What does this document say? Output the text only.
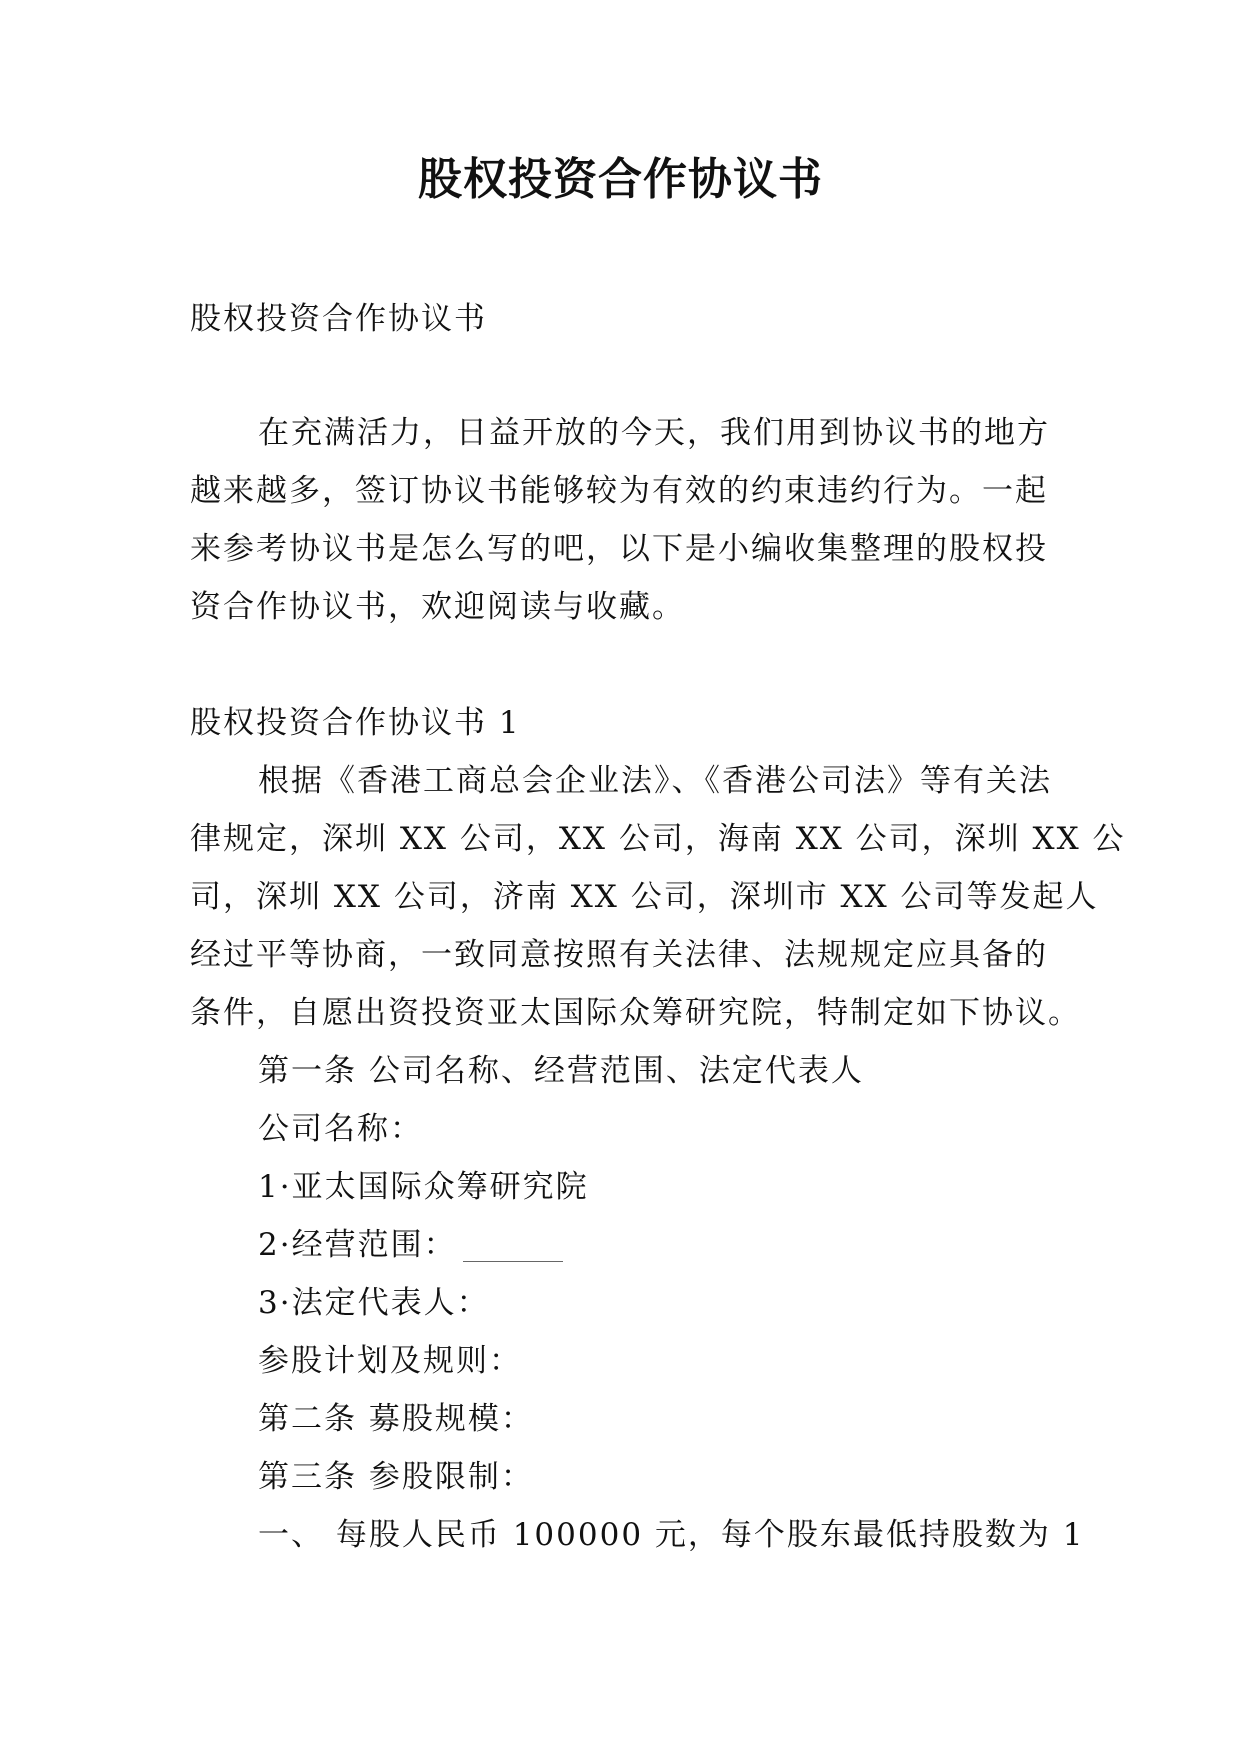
股权投资合作协议书
股权投资合作协议书
在充满活力，日益开放的今天，我们用到协议书的地方
越来越多，签订协议书能够较为有效的约束违约行为。一起
来参考协议书是怎么写的吧，以下是小编收集整理的股权投
资合作协议书，欢迎阅读与收藏。
股权投资合作协议书 1
根据《香港工商总会企业法》、《香港公司法》等有关法
律规定，深圳 XX 公司，XX 公司，海南 XX 公司，深圳 XX 公
司，深圳 XX 公司，济南 XX 公司，深圳市 XX 公司等发起人
经过平等协商，一致同意按照有关法律、法规规定应具备的
条件，自愿出资投资亚太国际众筹研究院，特制定如下协议。
第一条 公司名称、经营范围、法定代表人
公司名称：
1·亚太国际众筹研究院
2·经营范围：
3·法定代表人：
参股计划及规则：
第二条 募股规模：
第三条 参股限制：
一、 每股人民币 100000 元，每个股东最低持股数为 1
